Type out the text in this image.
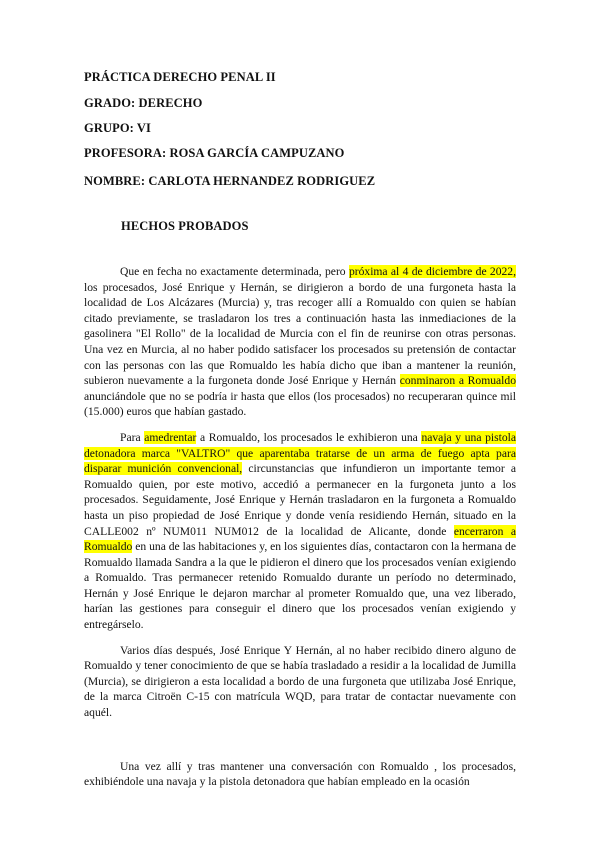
PRÁCTICA DERECHO PENAL II
GRADO: DERECHO
GRUPO: VI
PROFESORA: ROSA GARCÍA CAMPUZANO
NOMBRE: CARLOTA HERNANDEZ RODRIGUEZ
HECHOS PROBADOS

Que en fecha no exactamente determinada, pero próxima al 4 de diciembre de 2022, los procesados, José Enrique y Hernán, se dirigieron a bordo de una furgoneta hasta la localidad de Los Alcázares (Murcia) y, tras recoger allí a Romualdo con quien se habían citado previamente, se trasladaron los tres a continuación hasta las inmediaciones de la gasolinera "El Rollo" de la localidad de Murcia con el fin de reunirse con otras personas. Una vez en Murcia, al no haber podido satisfacer los procesados su pretensión de contactar con las personas con las que Romualdo les había dicho que iban a mantener la reunión, subieron nuevamente a la furgoneta donde José Enrique y Hernán conminaron a Romualdo anunciándole que no se podría ir hasta que ellos (los procesados) no recuperaran quince mil (15.000) euros que habían gastado.

Para amedrentar a Romualdo, los procesados le exhibieron una navaja y una pistola detonadora marca "VALTRO" que aparentaba tratarse de un arma de fuego apta para disparar munición convencional, circunstancias que infundieron un importante temor a Romualdo quien, por este motivo, accedió a permanecer en la furgoneta junto a los procesados. Seguidamente, José Enrique y Hernán trasladaron en la furgoneta a Romualdo hasta un piso propiedad de José Enrique y donde venía residiendo Hernán, situado en la CALLE002 nº NUM011 NUM012 de la localidad de Alicante, donde encerraron a Romualdo en una de las habitaciones y, en los siguientes días, contactaron con la hermana de Romualdo llamada Sandra a la que le pidieron el dinero que los procesados venían exigiendo a Romualdo. Tras permanecer retenido Romualdo durante un período no determinado, Hernán y José Enrique le dejaron marchar al prometer Romualdo que, una vez liberado, harían las gestiones para conseguir el dinero que los procesados venían exigiendo y entregárselo.

Varios días después, José Enrique Y Hernán, al no haber recibido dinero alguno de Romualdo y tener conocimiento de que se había trasladado a residir a la localidad de Jumilla (Murcia), se dirigieron a esta localidad a bordo de una furgoneta que utilizaba José Enrique, de la marca Citroën C-15 con matrícula WQD, para tratar de contactar nuevamente con aquél.

Una vez allí y tras mantener una conversación con Romualdo , los procesados, exhibiéndole una navaja y la pistola detonadora que habían empleado en la ocasión
